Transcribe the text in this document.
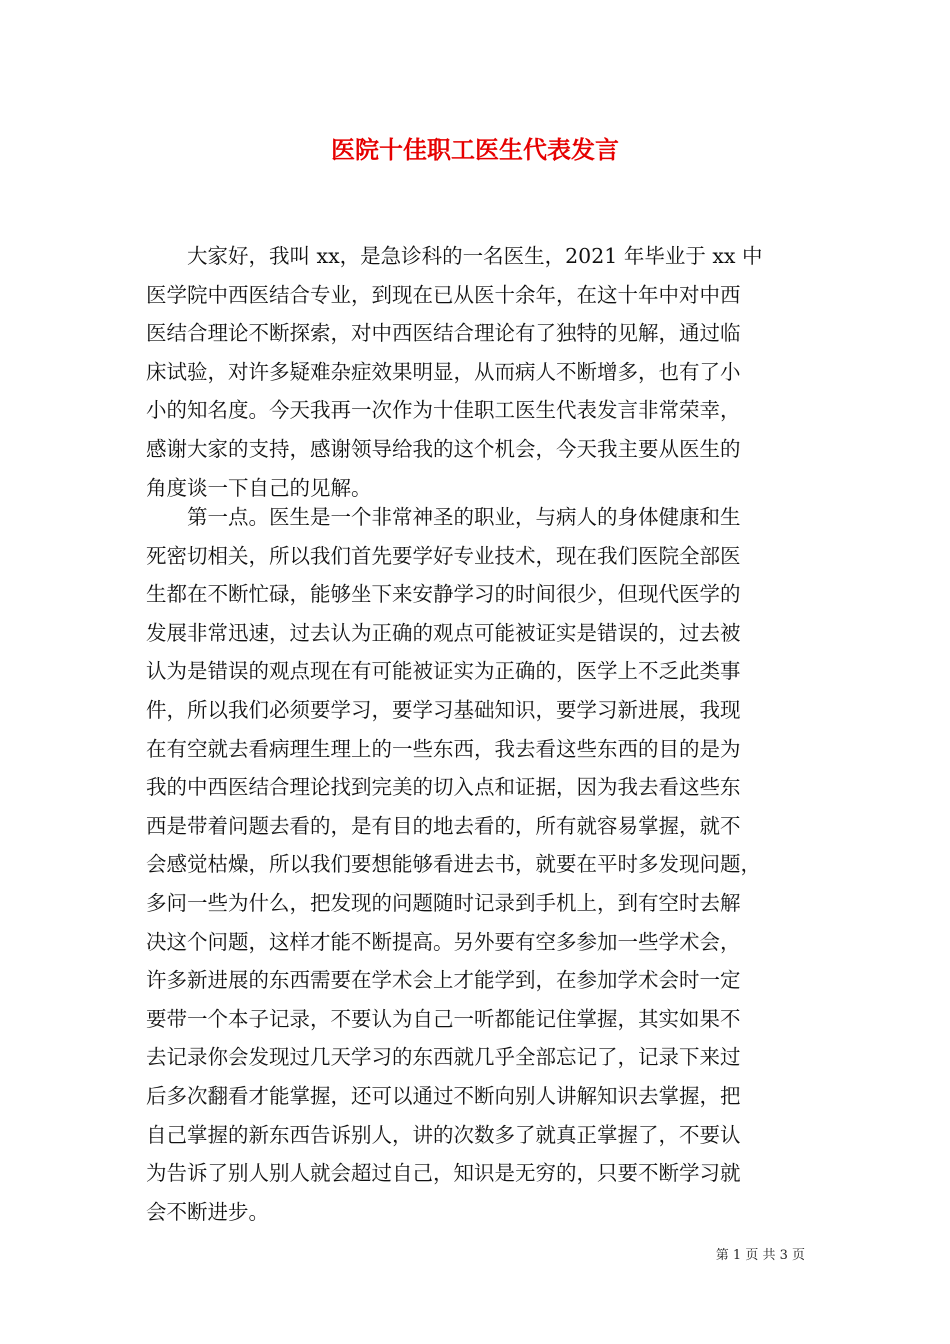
医院十佳职工医生代表发言
大家好，我叫 xx，是急诊科的一名医生，2021 年毕业于 xx 中
医学院中西医结合专业，到现在已从医十余年，在这十年中对中西
医结合理论不断探索，对中西医结合理论有了独特的见解，通过临
床试验，对许多疑难杂症效果明显，从而病人不断增多，也有了小
小的知名度。今天我再一次作为十佳职工医生代表发言非常荣幸，
感谢大家的支持，感谢领导给我的这个机会，今天我主要从医生的
角度谈一下自己的见解。
第一点。医生是一个非常神圣的职业，与病人的身体健康和生
死密切相关，所以我们首先要学好专业技术，现在我们医院全部医
生都在不断忙碌，能够坐下来安静学习的时间很少，但现代医学的
发展非常迅速，过去认为正确的观点可能被证实是错误的，过去被
认为是错误的观点现在有可能被证实为正确的，医学上不乏此类事
件，所以我们必须要学习，要学习基础知识，要学习新进展，我现
在有空就去看病理生理上的一些东西，我去看这些东西的目的是为
我的中西医结合理论找到完美的切入点和证据，因为我去看这些东
西是带着问题去看的，是有目的地去看的，所有就容易掌握，就不
会感觉枯燥，所以我们要想能够看进去书，就要在平时多发现问题，
多问一些为什么，把发现的问题随时记录到手机上，到有空时去解
决这个问题，这样才能不断提高。另外要有空多参加一些学术会，
许多新进展的东西需要在学术会上才能学到，在参加学术会时一定
要带一个本子记录，不要认为自己一听都能记住掌握，其实如果不
去记录你会发现过几天学习的东西就几乎全部忘记了，记录下来过
后多次翻看才能掌握，还可以通过不断向别人讲解知识去掌握，把
自己掌握的新东西告诉别人，讲的次数多了就真正掌握了，不要认
为告诉了别人别人就会超过自己，知识是无穷的，只要不断学习就
会不断进步。
第 1 页 共 3 页
